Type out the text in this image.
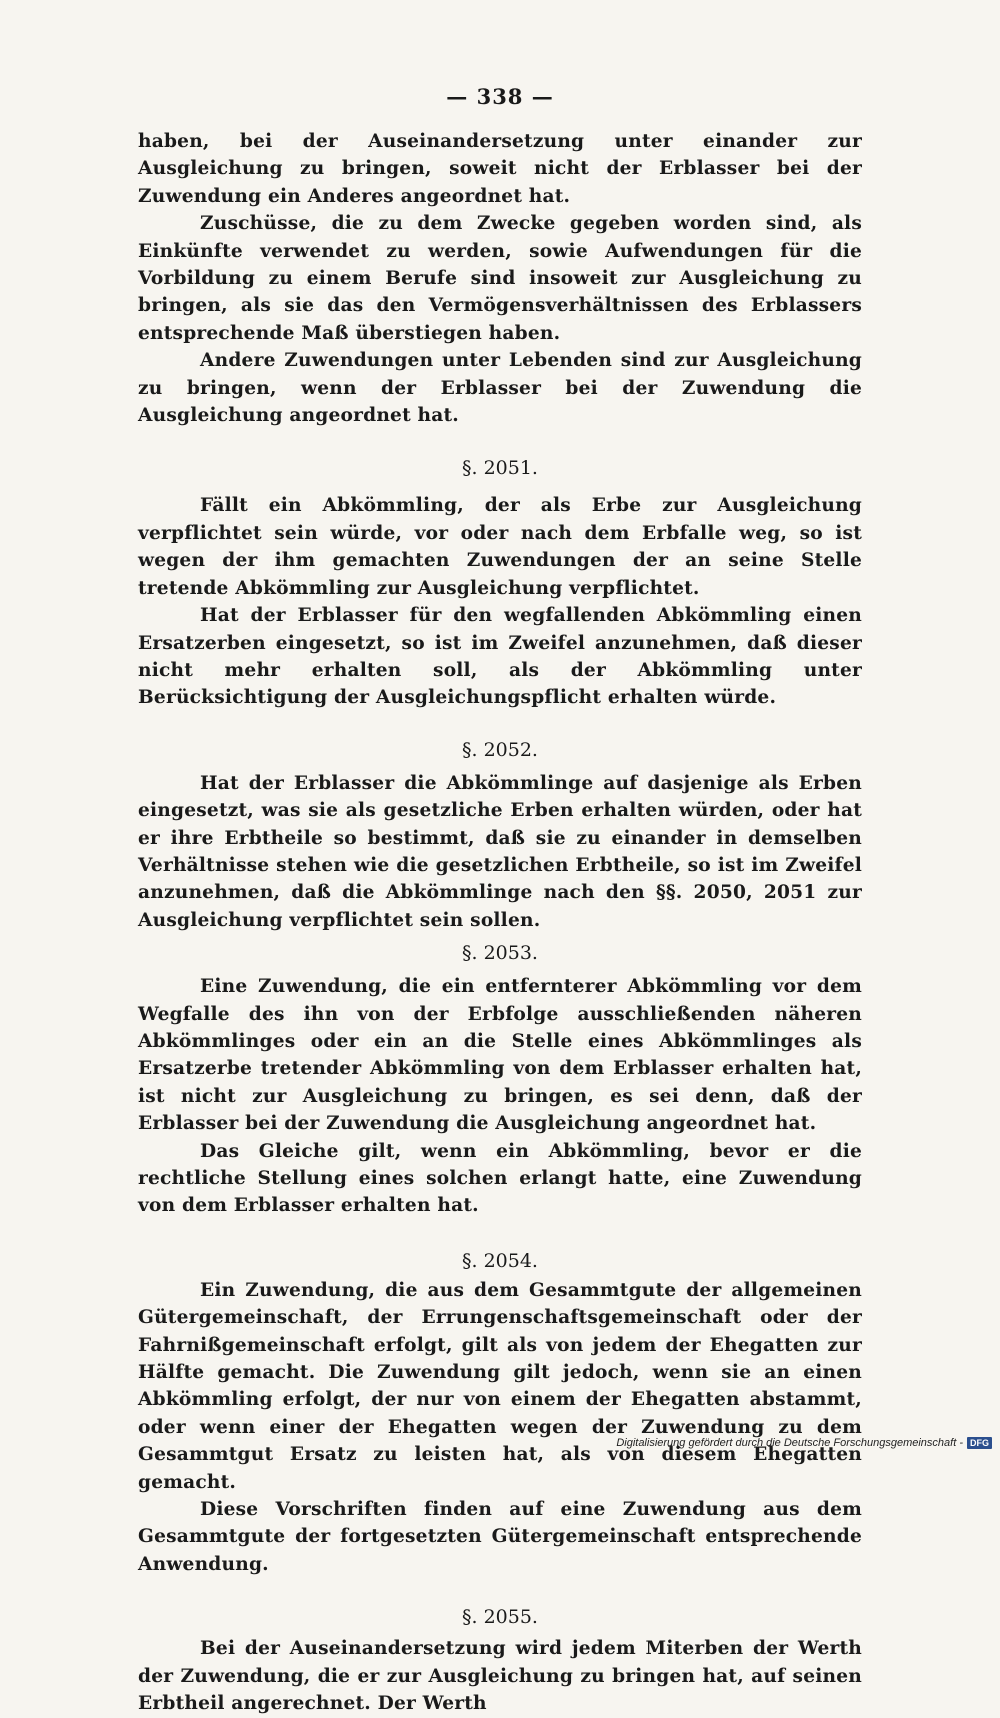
— 338 —

haben, bei der Auseinandersetzung unter einander zur Ausgleichung zu bringen, soweit nicht der Erblasser bei der Zuwendung ein Anderes angeordnet hat.

Zuschüsse, die zu dem Zwecke gegeben worden sind, als Einkünfte verwendet zu werden, sowie Aufwendungen für die Vorbildung zu einem Berufe sind insoweit zur Ausgleichung zu bringen, als sie das den Vermögensverhältnissen des Erblassers entsprechende Maß überstiegen haben.

Andere Zuwendungen unter Lebenden sind zur Ausgleichung zu bringen, wenn der Erblasser bei der Zuwendung die Ausgleichung angeordnet hat.

§. 2051.

Fällt ein Abkömmling, der als Erbe zur Ausgleichung verpflichtet sein würde, vor oder nach dem Erbfalle weg, so ist wegen der ihm gemachten Zuwendungen der an seine Stelle tretende Abkömmling zur Ausgleichung verpflichtet.

Hat der Erblasser für den wegfallenden Abkömmling einen Ersatzerben eingesetzt, so ist im Zweifel anzunehmen, daß dieser nicht mehr erhalten soll, als der Abkömmling unter Berücksichtigung der Ausgleichungspflicht erhalten würde.

§. 2052.

Hat der Erblasser die Abkömmlinge auf dasjenige als Erben eingesetzt, was sie als gesetzliche Erben erhalten würden, oder hat er ihre Erbtheile so bestimmt, daß sie zu einander in demselben Verhältnisse stehen wie die gesetzlichen Erbtheile, so ist im Zweifel anzunehmen, daß die Abkömmlinge nach den §§. 2050, 2051 zur Ausgleichung verpflichtet sein sollen.

§. 2053.

Eine Zuwendung, die ein entfernterer Abkömmling vor dem Wegfalle des ihn von der Erbfolge ausschließenden näheren Abkömmlinges oder ein an die Stelle eines Abkömmlinges als Ersatzerbe tretender Abkömmling von dem Erblasser erhalten hat, ist nicht zur Ausgleichung zu bringen, es sei denn, daß der Erblasser bei der Zuwendung die Ausgleichung angeordnet hat.

Das Gleiche gilt, wenn ein Abkömmling, bevor er die rechtliche Stellung eines solchen erlangt hatte, eine Zuwendung von dem Erblasser erhalten hat.

§. 2054.

Ein Zuwendung, die aus dem Gesammtgute der allgemeinen Gütergemeinschaft, der Errungenschaftsgemeinschaft oder der Fahrnißgemeinschaft erfolgt, gilt als von jedem der Ehegatten zur Hälfte gemacht. Die Zuwendung gilt jedoch, wenn sie an einen Abkömmling erfolgt, der nur von einem der Ehegatten abstammt, oder wenn einer der Ehegatten wegen der Zuwendung zu dem Gesammtgut Ersatz zu leisten hat, als von diesem Ehegatten gemacht.

Diese Vorschriften finden auf eine Zuwendung aus dem Gesammtgute der fortgesetzten Gütergemeinschaft entsprechende Anwendung.

§. 2055.

Bei der Auseinandersetzung wird jedem Miterben der Werth der Zuwendung, die er zur Ausgleichung zu bringen hat, auf seinen Erbtheil angerechnet. Der Werth

Digitalisierung gefördert durch die Deutsche Forschungsgemeinschaft - DFG
